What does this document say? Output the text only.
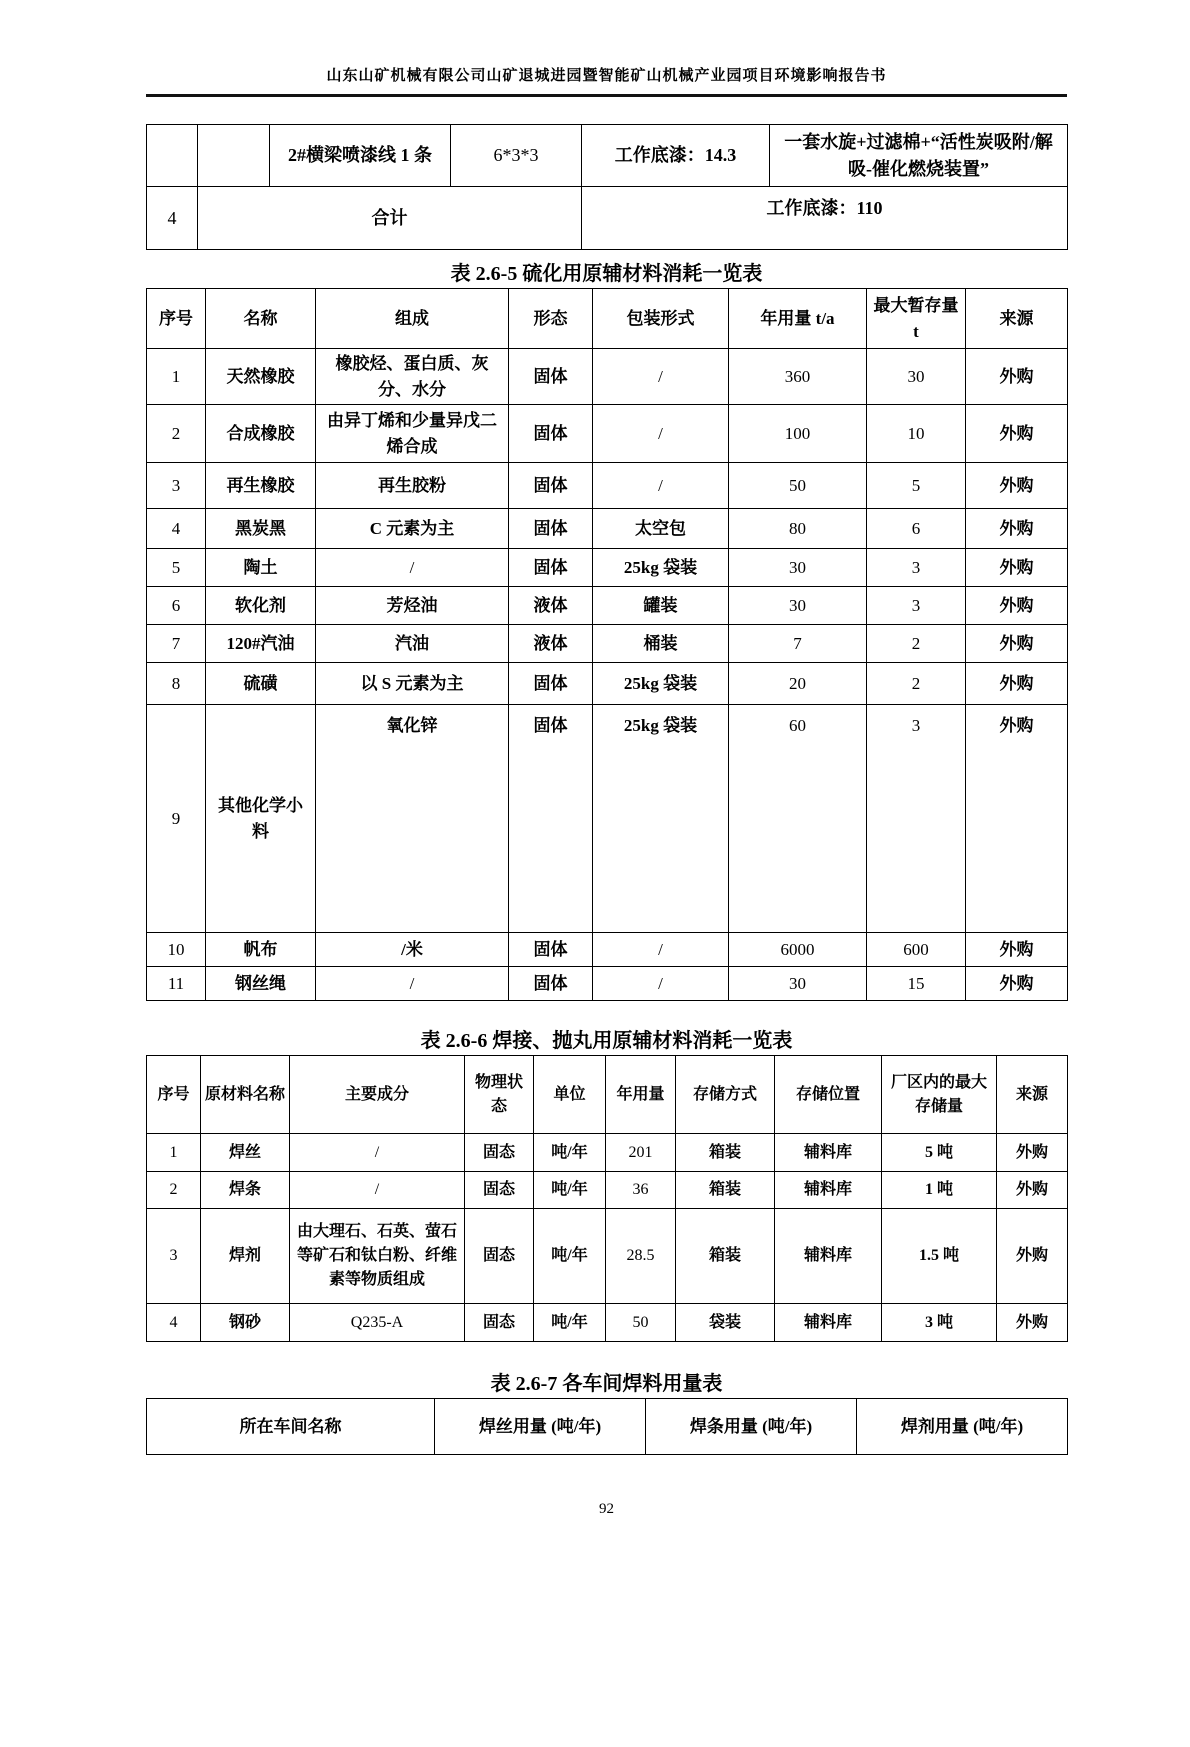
山东山矿机械有限公司山矿退城进园暨智能矿山机械产业园项目环境影响报告书
		2#横梁喷漆线 1 条	6*3*3	工作底漆：14.3	一套水旋+过滤棉+“活性炭吸附/解吸-催化燃烧装置”
4	合计			工作底漆：110	
表 2.6-5 硫化用原辅材料消耗一览表
序号	名称	组成	形态	包装形式	年用量 t/a	最大暂存量 t	来源
1	天然橡胶	橡胶烃、蛋白质、灰分、水分	固体	/	360	30	外购
2	合成橡胶	由异丁烯和少量异戊二烯合成	固体	/	100	10	外购
3	再生橡胶	再生胶粉	固体	/	50	5	外购
4	黑炭黑	C 元素为主	固体	太空包	80	6	外购
5	陶土	/	固体	25kg 袋装	30	3	外购
6	软化剂	芳烃油	液体	罐装	30	3	外购
7	120#汽油	汽油	液体	桶装	7	2	外购
8	硫磺	以 S 元素为主	固体	25kg 袋装	20	2	外购
9	其他化学小料	氧化锌	固体	25kg 袋装	60	3	外购
10	帆布	/米	固体	/	6000	600	外购
11	钢丝绳	/	固体	/	30	15	外购
表 2.6-6 焊接、抛丸用原辅材料消耗一览表
序号	原材料名称	主要成分	物理状态	单位	年用量	存储方式	存储位置	厂区内的最大存储量	来源
1	焊丝	/	固态	吨/年	201	箱装	辅料库	5 吨	外购
2	焊条	/	固态	吨/年	36	箱装	辅料库	1 吨	外购
3	焊剂	由大理石、石英、萤石等矿石和钛白粉、纤维素等物质组成	固态	吨/年	28.5	箱装	辅料库	1.5 吨	外购
4	钢砂	Q235-A	固态	吨/年	50	袋装	辅料库	3 吨	外购
表 2.6-7 各车间焊料用量表
所在车间名称	焊丝用量 (吨/年)	焊条用量 (吨/年)	焊剂用量 (吨/年)
92
